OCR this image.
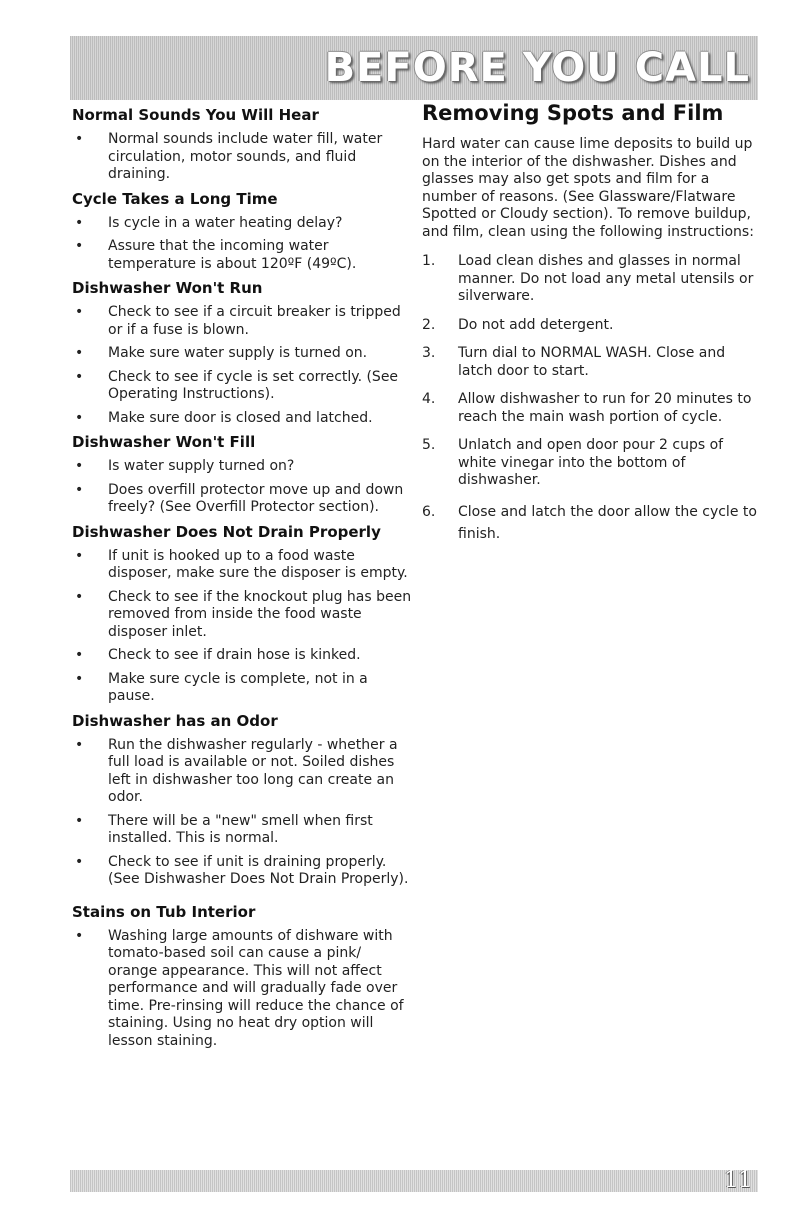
BEFORE YOU CALL
Normal Sounds You Will Hear
• Normal sounds include water fill, water circulation, motor sounds, and fluid draining.
Cycle Takes a Long Time
• Is cycle in a water heating delay?
• Assure that the incoming water temperature is about 120ºF (49ºC).
Dishwasher Won't Run
• Check to see if a circuit breaker is tripped or if a fuse is blown.
• Make sure water supply is turned on.
• Check to see if cycle is set correctly. (See Operating Instructions).
• Make sure door is closed and latched.
Dishwasher Won't Fill
• Is water supply turned on?
• Does overfill protector move up and down freely? (See Overfill Protector section).
Dishwasher Does Not Drain Properly
• If unit is hooked up to a food waste disposer, make sure the disposer is empty.
• Check to see if the knockout plug has been removed from inside the food waste disposer inlet.
• Check to see if drain hose is kinked.
• Make sure cycle is complete, not in a pause.
Dishwasher has an Odor
• Run the dishwasher regularly - whether a full load is available or not. Soiled dishes left in dishwasher too long can create an odor.
• There will be a "new" smell when first installed. This is normal.
• Check to see if unit is draining properly. (See Dishwasher Does Not Drain Properly).
Stains on Tub Interior
• Washing large amounts of dishware with tomato-based soil can cause a pink/ orange appearance. This will not affect performance and will gradually fade over time. Pre-rinsing will reduce the chance of staining. Using no heat dry option will lesson staining.
Removing Spots and Film

Hard water can cause lime deposits to build up on the interior of the dishwasher. Dishes and glasses may also get spots and film for a number of reasons. (See Glassware/Flatware Spotted or Cloudy section). To remove buildup, and film, clean using the following instructions:

1. Load clean dishes and glasses in normal manner. Do not load any metal utensils or silverware.
2. Do not add detergent.
3. Turn dial to NORMAL WASH. Close and latch door to start.
4. Allow dishwasher to run for 20 minutes to reach the main wash portion of cycle.
5. Unlatch and open door pour 2 cups of white vinegar into the bottom of dishwasher.
6. Close and latch the door allow the cycle to finish.
11
